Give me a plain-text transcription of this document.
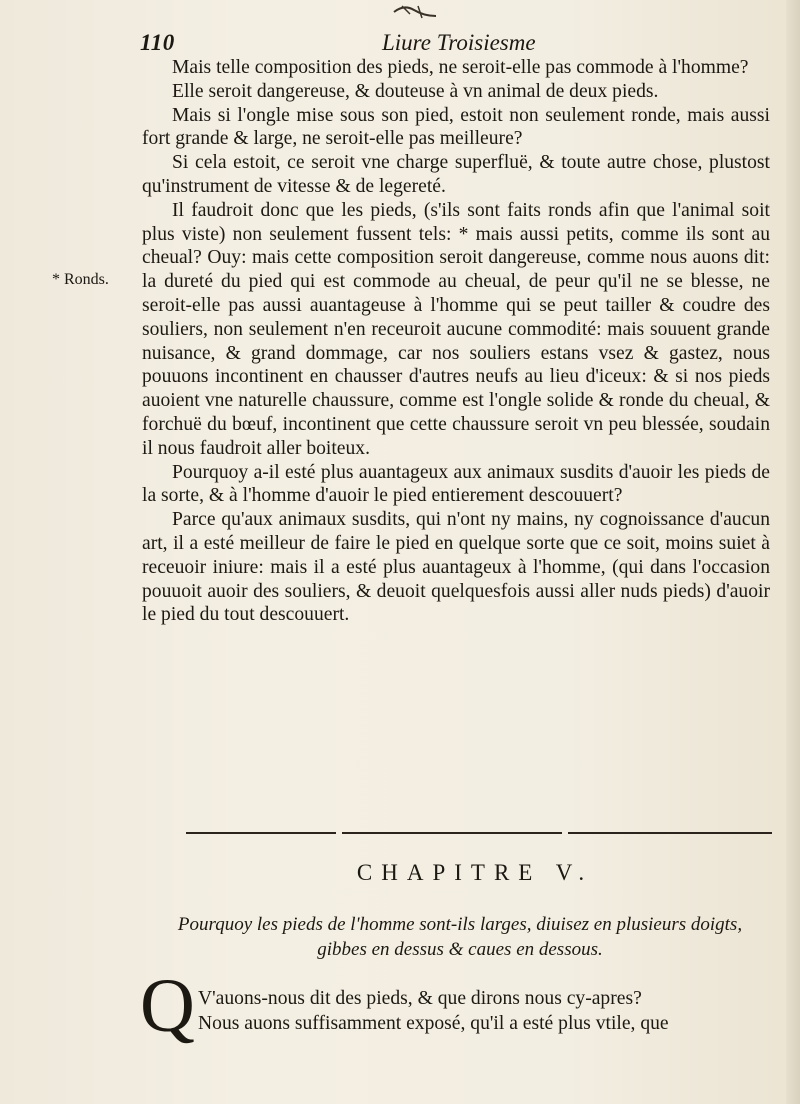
110	Liure Troisiesme
* Ronds.

Mais telle composition des pieds, ne seroit-elle pas commode à l'homme?

Elle seroit dangereuse, & douteuse à vn animal de deux pieds.

Mais si l'ongle mise sous son pied, estoit non seulement ronde, mais aussi fort grande & large, ne seroit-elle pas meilleure?

Si cela estoit, ce seroit vne charge superfluë, & toute autre chose, plustost qu'instrument de vitesse & de legereté.

Il faudroit donc que les pieds, (s'ils sont faits ronds afin que l'animal soit plus viste) non seulement fussent tels: * mais aussi petits, comme ils sont au cheual? Ouy: mais cette composition seroit dangereuse, comme nous auons dit: la dureté du pied qui est commode au cheual, de peur qu'il ne se blesse, ne seroit-elle pas aussi auantageuse à l'homme qui se peut tailler & coudre des souliers, non seulement n'en receuroit aucune commodité: mais souuent grande nuisance, & grand dommage, car nos souliers estans vsez & gastez, nous pouuons incontinent en chausser d'autres neufs au lieu d'iceux: & si nos pieds auoient vne naturelle chaussure, comme est l'ongle solide & ronde du cheual, & forchuë du bœuf, incontinent que cette chaussure seroit vn peu blessée, soudain il nous faudroit aller boiteux.

Pourquoy a-il esté plus auantageux aux animaux susdits d'auoir les pieds de la sorte, & à l'homme d'auoir le pied entierement descouuert?

Parce qu'aux animaux susdits, qui n'ont ny mains, ny cognoissance d'aucun art, il a esté meilleur de faire le pied en quelque sorte que ce soit, moins suiet à receuoir iniure: mais il a esté plus auantageux à l'homme, (qui dans l'occasion pouuoit auoir des souliers, & deuoit quelquesfois aussi aller nuds pieds) d'auoir le pied du tout descouuert.

CHAPITRE V.
Pourquoy les pieds de l'homme sont-ils larges, diuisez en plusieurs doigts,
gibbes en dessus & caues en dessous.
Q V'auons-nous dit des pieds, & que dirons nous cy-apres?

Nous auons suffisamment exposé, qu'il a esté plus vtile, que
